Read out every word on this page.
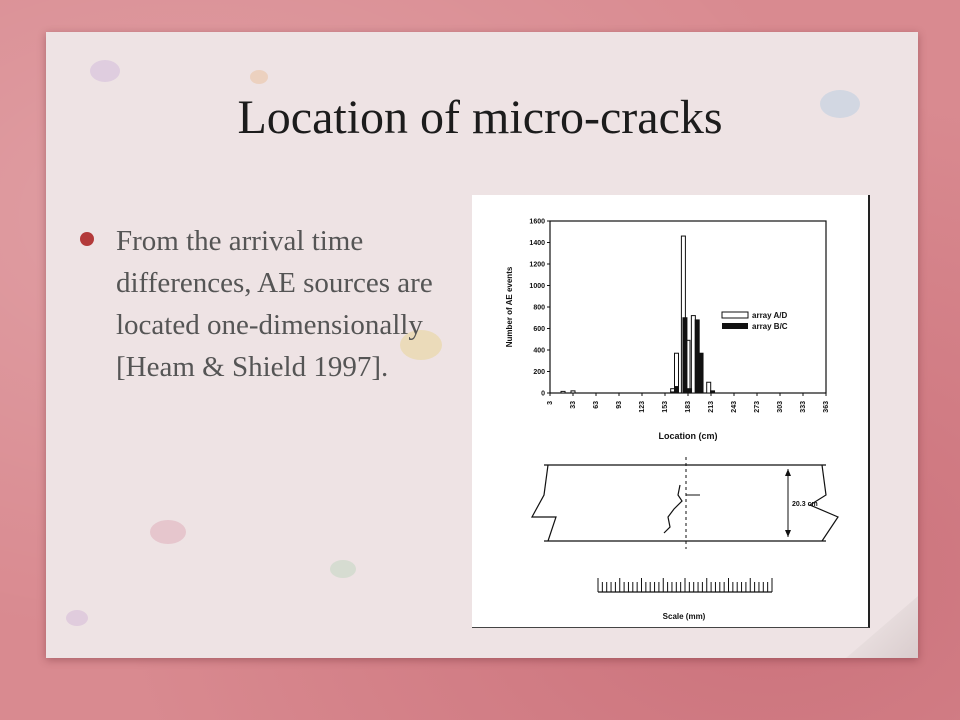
Location of micro-cracks
From the arrival time differences, AE sources are located one-dimensionally [Heam & Shield 1997].
0
200
400
600
800
1000
1200
1400
1600
3 33 63 93 123 153 183 213 243 273 303 333 363
Number of AE events
Location (cm)
array A/D
array B/C
20.3 cm
Scale (mm)
